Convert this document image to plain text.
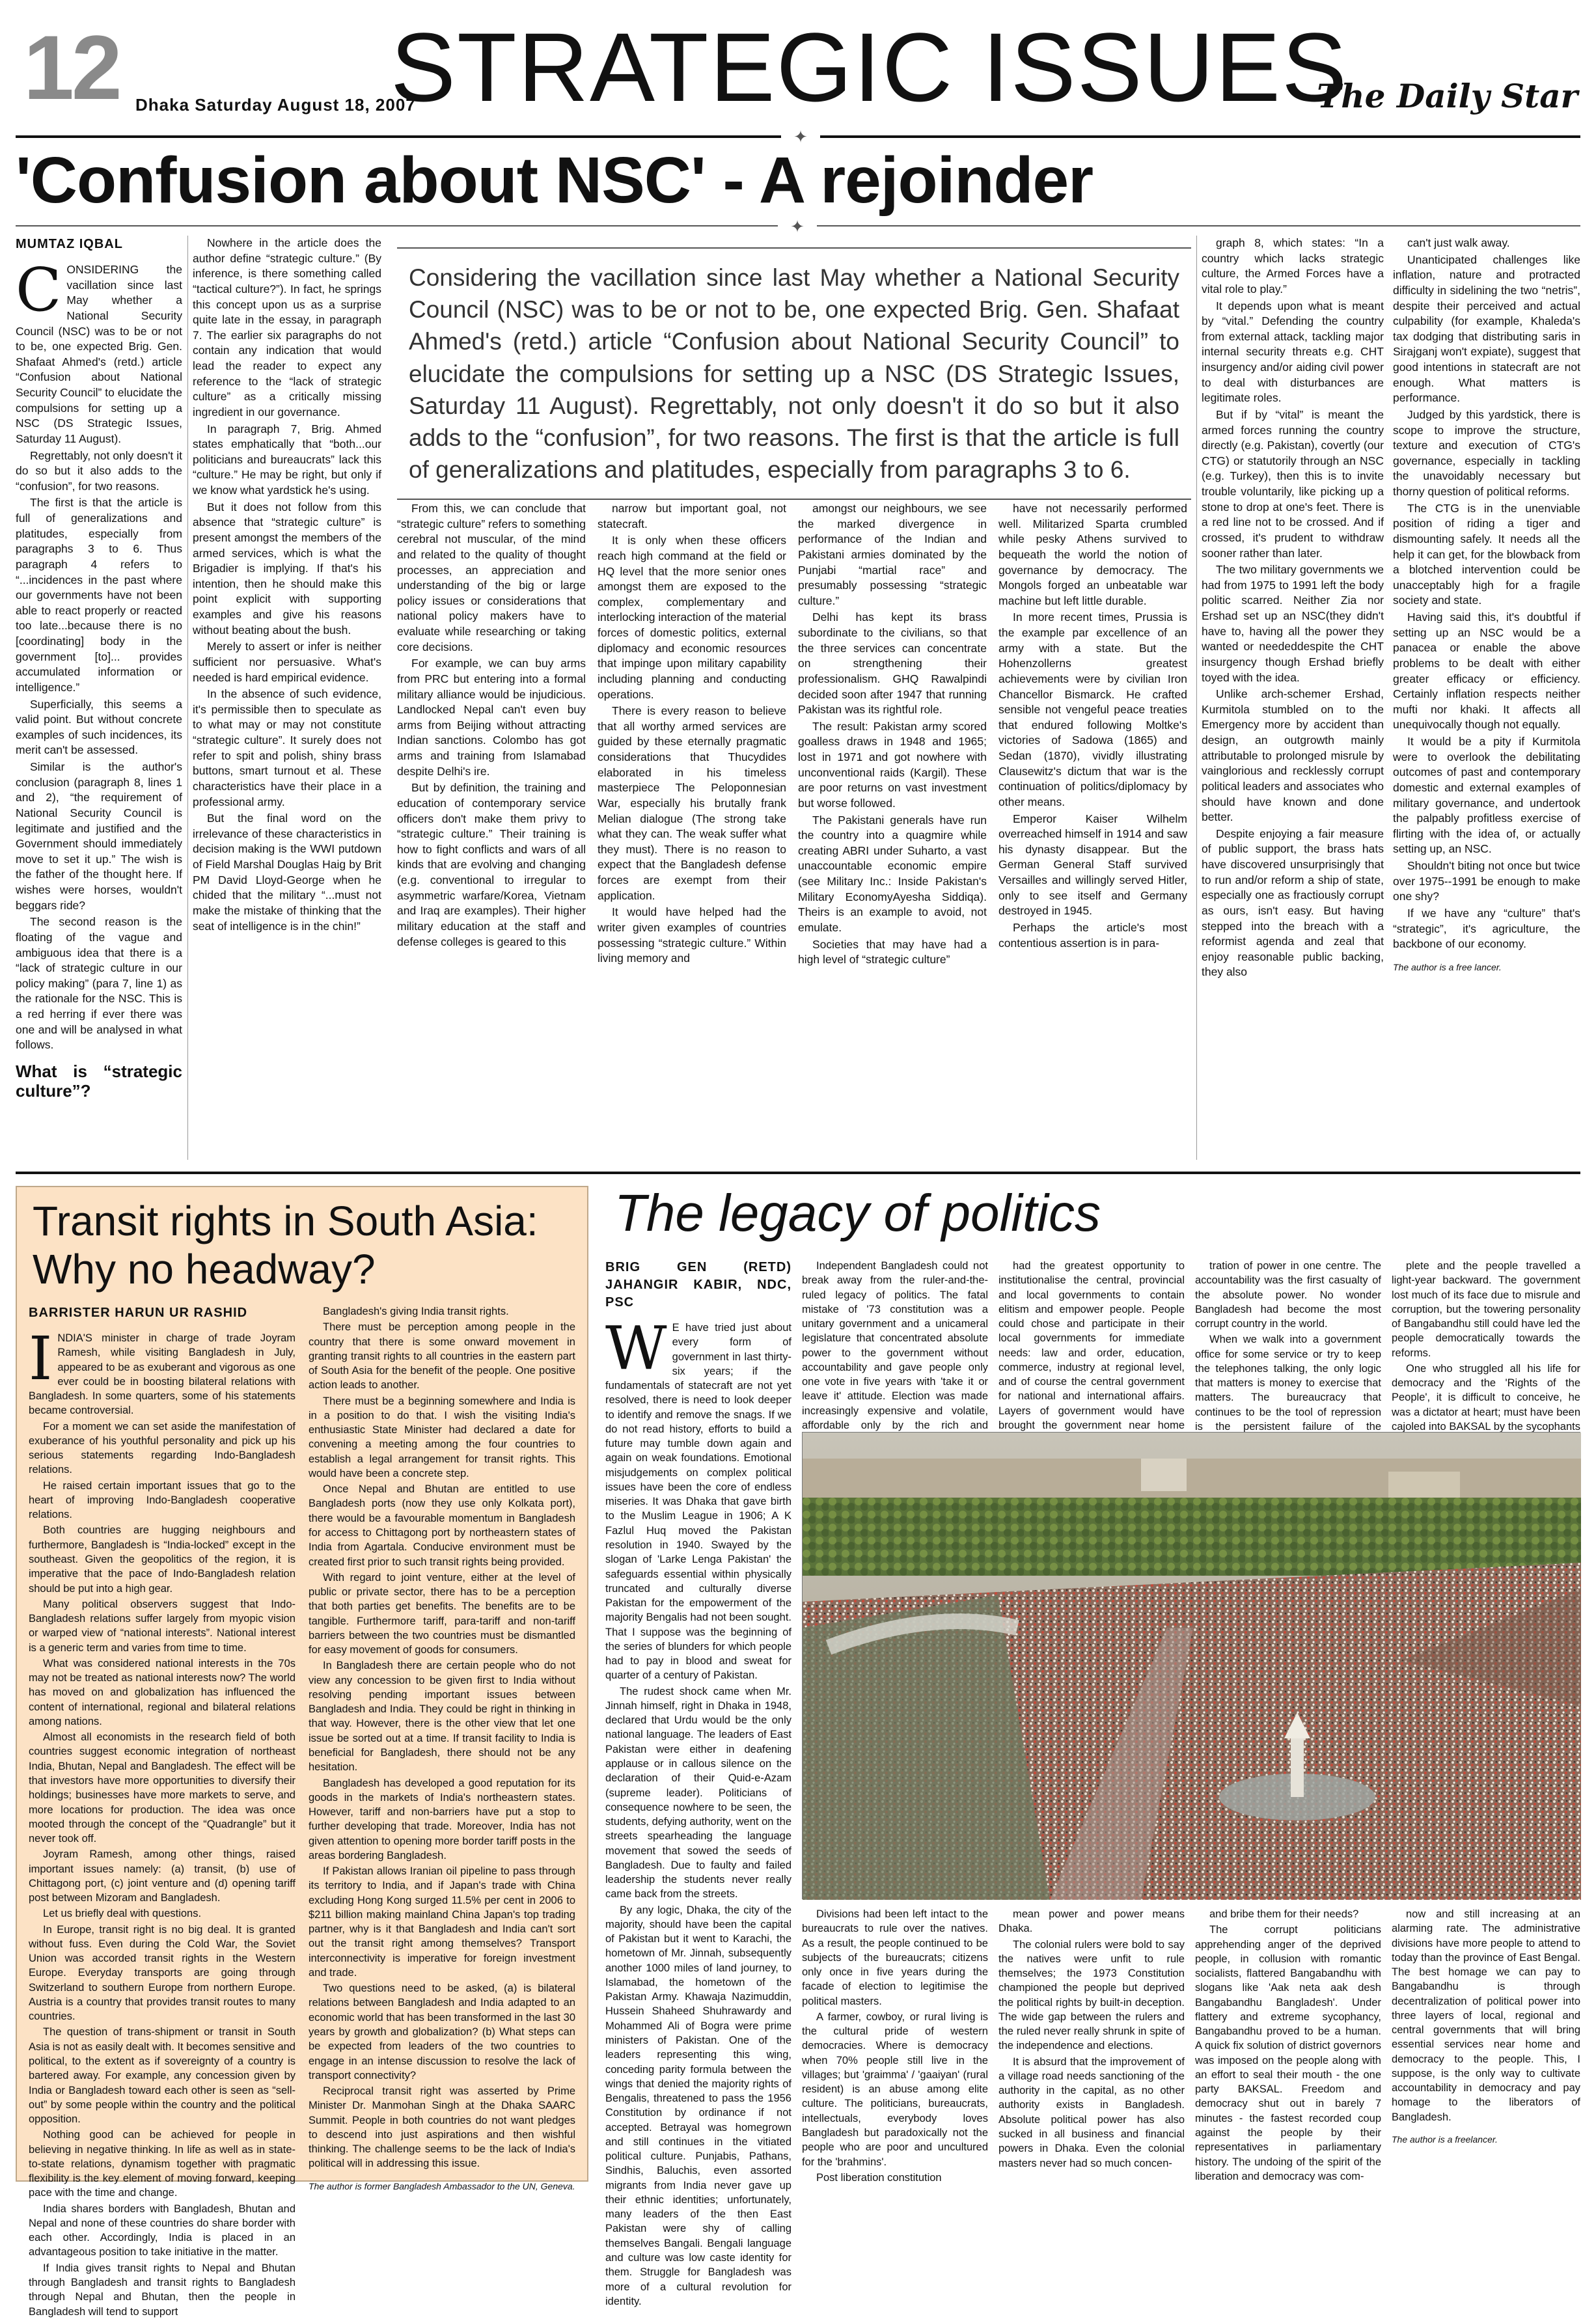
12 Dhaka Saturday August 18, 2007
STRATEGIC ISSUES
The Daily Star
✦
'Confusion about NSC' - A rejoinder
✦
MUMTAZ IQBAL
C ONSIDERING the vacillation since last May whether a National Security Council (NSC) was to be or not to be, one expected Brig. Gen. Shafaat Ahmed's (retd.) article “Confusion about National Security Council” to elucidate the compulsions for setting up a NSC (DS Strategic Issues, Saturday 11 August).

Regrettably, not only doesn't it do so but it also adds to the “confusion”, for two reasons.

The first is that the article is full of generalizations and platitudes, especially from paragraphs 3 to 6. Thus paragraph 4 refers to “...incidences in the past where our governments have not been able to react properly or reacted too late...because there is no [coordinating] body in the government [to]... provides accumulated information or intelligence.”

Superficially, this seems a valid point. But without concrete examples of such incidences, its merit can't be assessed.

Similar is the author's conclusion (paragraph 8, lines 1 and 2), “the requirement of National Security Council is legitimate and justified and the Government should immediately move to set it up.” The wish is the father of the thought here. If wishes were horses, wouldn't beggars ride?

The second reason is the floating of the vague and ambiguous idea that there is a “lack of strategic culture in our policy making” (para 7, line 1) as the rationale for the NSC. This is a red herring if ever there was one and will be analysed in what follows.

What is “strategic culture”?

Nowhere in the article does the author define “strategic culture.” (By inference, is there something called “tactical culture?”). In fact, he springs this concept upon us as a surprise quite late in the essay, in paragraph 7. The earlier six paragraphs do not contain any indication that would lead the reader to expect any reference to the “lack of strategic culture” as a critically missing ingredient in our governance.

In paragraph 7, Brig. Ahmed states emphatically that “both...our politicians and bureaucrats” lack this “culture.” He may be right, but only if we know what yardstick he's using.

But it does not follow from this absence that “strategic culture” is present amongst the members of the armed services, which is what the Brigadier is implying. If that's his intention, then he should make this point explicit with supporting examples and give his reasons without beating about the bush.

Merely to assert or infer is neither sufficient nor persuasive. What's needed is hard empirical evidence.

In the absence of such evidence, it's permissible then to speculate as to what may or may not constitute “strategic culture”. It surely does not refer to spit and polish, shiny brass buttons, smart turnout et al. These characteristics have their place in a professional army.

But the final word on the irrelevance of these characteristics in decision making is the WWI putdown of Field Marshal Douglas Haig by Brit PM David Lloyd-George when he chided that the military “...must not make the mistake of thinking that the seat of intelligence is in the chin!”

Considering the vacillation since last May whether a National Security Council (NSC) was to be or not to be, one expected Brig. Gen. Shafaat Ahmed's (retd.) article “Confusion about National Security Council” to elucidate the compulsions for setting up a NSC (DS Strategic Issues, Saturday 11 August). Regrettably, not only doesn't it do so but it also adds to the “confusion”, for two reasons. The first is that the article is full of generalizations and platitudes, especially from paragraphs 3 to 6.

From this, we can conclude that “strategic culture” refers to something cerebral not muscular, of the mind and related to the quality of thought processes, an appreciation and understanding of the big or large policy issues or considerations that national policy makers have to evaluate while researching or taking core decisions.

For example, we can buy arms from PRC but entering into a formal military alliance would be injudicious. Landlocked Nepal can't even buy arms from Beijing without attracting Indian sanctions. Colombo has got arms and training from Islamabad despite Delhi's ire.

But by definition, the training and education of contemporary service officers don't make them privy to “strategic culture.” Their training is how to fight conflicts and wars of all kinds that are evolving and changing (e.g. conventional to irregular to asymmetric warfare/Korea, Vietnam and Iraq are examples). Their higher military education at the staff and defense colleges is geared to this

narrow but important goal, not statecraft.

It is only when these officers reach high command at the field or HQ level that the more senior ones amongst them are exposed to the complex, complementary and interlocking interaction of the material forces of domestic politics, external diplomacy and economic resources that impinge upon military capability including planning and conducting operations.

There is every reason to believe that all worthy armed services are guided by these eternally pragmatic considerations that Thucydides elaborated in his timeless masterpiece The Peloponnesian War, especially his brutally frank Melian dialogue (The strong take what they can. The weak suffer what they must). There is no reason to expect that the Bangladesh defense forces are exempt from their application.

It would have helped had the writer given examples of countries possessing “strategic culture.” Within living memory and

amongst our neighbours, we see the marked divergence in performance of the Indian and Pakistani armies dominated by the Punjabi “martial race” and presumably possessing “strategic culture.”

Delhi has kept its brass subordinate to the civilians, so that the three services can concentrate on strengthening their professionalism. GHQ Rawalpindi decided soon after 1947 that running Pakistan was its rightful role.

The result: Pakistan army scored goalless draws in 1948 and 1965; lost in 1971 and got nowhere with unconventional raids (Kargil). These are poor returns on vast investment but worse followed.

The Pakistani generals have run the country into a quagmire while creating ABRI under Suharto, a vast unaccountable economic empire (see Military Inc.: Inside Pakistan's Military EconomyAyesha Siddiqa). Theirs is an example to avoid, not emulate.

Societies that may have had a high level of “strategic culture”

have not necessarily performed well. Militarized Sparta crumbled while pesky Athens survived to bequeath the world the notion of governance by democracy. The Mongols forged an unbeatable war machine but left little durable.

In more recent times, Prussia is the example par excellence of an army with a state. But the Hohenzollerns greatest achievements were by civilian Iron Chancellor Bismarck. He crafted sensible not vengeful peace treaties that endured following Moltke's victories of Sadowa (1865) and Sedan (1870), vividly illustrating Clausewitz's dictum that war is the continuation of politics/diplomacy by other means.

Emperor Kaiser Wilhelm overreached himself in 1914 and saw his dynasty disappear. But the German General Staff survived Versailles and willingly served Hitler, only to see itself and Germany destroyed in 1945.

Perhaps the article's most contentious assertion is in para-

graph 8, which states: “In a country which lacks strategic culture, the Armed Forces have a vital role to play.”

It depends upon what is meant by “vital.” Defending the country from external attack, tackling major internal security threats e.g. CHT insurgency and/or aiding civil power to deal with disturbances are legitimate roles.

But if by “vital” is meant the armed forces running the country directly (e.g. Pakistan), covertly (our CTG) or statutorily through an NSC (e.g. Turkey), then this is to invite trouble voluntarily, like picking up a stone to drop at one's feet. There is a red line not to be crossed. And if crossed, it's prudent to withdraw sooner rather than later.

The two military governments we had from 1975 to 1991 left the body politic scarred. Neither Zia nor Ershad set up an NSC(they didn't have to, having all the power they wanted or neededdespite the CHT insurgency though Ershad briefly toyed with the idea.

Unlike arch-schemer Ershad, Kurmitola stumbled on to the Emergency more by accident than design, an outgrowth mainly attributable to prolonged misrule by vainglorious and recklessly corrupt political leaders and associates who should have known and done better.

Despite enjoying a fair measure of public support, the brass hats have discovered unsurprisingly that to run and/or reform a ship of state, especially one as fractiously corrupt as ours, isn't easy. But having stepped into the breach with a reformist agenda and zeal that enjoy reasonable public backing, they also

can't just walk away.

Unanticipated challenges like inflation, nature and protracted difficulty in sidelining the two “netris”, despite their perceived and actual culpability (for example, Khaleda's tax dodging that distributing saris in Sirajganj won't expiate), suggest that good intentions in statecraft are not enough. What matters is performance.

Judged by this yardstick, there is scope to improve the structure, texture and execution of CTG's governance, especially in tackling the unavoidably necessary but thorny question of political reforms.

The CTG is in the unenviable position of riding a tiger and dismounting safely. It needs all the help it can get, for the blowback from a blotched intervention could be unacceptably high for a fragile society and state.

Having said this, it's doubtful if setting up an NSC would be a panacea or enable the above problems to be dealt with either greater efficacy or efficiency. Certainly inflation respects neither mufti nor khaki. It affects all unequivocally though not equally.

It would be a pity if Kurmitola were to overlook the debilitating outcomes of past and contemporary domestic and external examples of military governance, and undertook the palpably profitless exercise of flirting with the idea of, or actually setting up, an NSC.

Shouldn't biting not once but twice over 1975--1991 be enough to make one shy?

If we have any “culture” that's “strategic”, it's agriculture, the backbone of our economy.

The author is a free lancer.
Transit rights in South Asia: Why no headway?
BARRISTER HARUN UR RASHID
I NDIA'S minister in charge of trade Joyram Ramesh, while visiting Bangladesh in July, appeared to be as exuberant and vigorous as one ever could be in boosting bilateral relations with Bangladesh. In some quarters, some of his statements became controversial.

For a moment we can set aside the manifestation of exuberance of his youthful personality and pick up his serious statements regarding Indo-Bangladesh relations.

He raised certain important issues that go to the heart of improving Indo-Bangladesh cooperative relations.

Both countries are hugging neighbours and furthermore, Bangladesh is “India-locked” except in the southeast. Given the geopolitics of the region, it is imperative that the pace of Indo-Bangladesh relation should be put into a high gear.

Many political observers suggest that Indo-Bangladesh relations suffer largely from myopic vision or warped view of “national interests”. National interest is a generic term and varies from time to time.

What was considered national interests in the 70s may not be treated as national interests now? The world has moved on and globalization has influenced the content of international, regional and bilateral relations among nations.

Almost all economists in the research field of both countries suggest economic integration of northeast India, Bhutan, Nepal and Bangladesh. The effect will be that investors have more opportunities to diversify their holdings; businesses have more markets to serve, and more locations for production. The idea was once mooted through the concept of the “Quadrangle” but it never took off.

Joyram Ramesh, among other things, raised important issues namely: (a) transit, (b) use of Chittagong port, (c) joint venture and (d) opening tariff post between Mizoram and Bangladesh.

Let us briefly deal with questions.

In Europe, transit right is no big deal. It is granted without fuss. Even during the Cold War, the Soviet Union was accorded transit rights in the Western Europe. Everyday transports are going through Switzerland to southern Europe from northern Europe. Austria is a country that provides transit routes to many countries.

The question of trans-shipment or transit in South Asia is not as easily dealt with. It becomes sensitive and political, to the extent as if sovereignty of a country is bartered away. For example, any concession given by India or Bangladesh toward each other is seen as “sell-out” by some people within the country and the political opposition.

Nothing good can be achieved for people in believing in negative thinking. In life as well as in state-to-state relations, dynamism together with pragmatic flexibility is the key element of moving forward, keeping pace with the time and change.

India shares borders with Bangladesh, Bhutan and Nepal and none of these countries do share border with each other. Accordingly, India is placed in an advantageous position to take initiative in the matter.

If India gives transit rights to Nepal and Bhutan through Bangladesh and transit rights to Bangladesh through Nepal and Bhutan, then the people in Bangladesh will tend to support

Bangladesh's giving India transit rights.

There must be perception among people in the country that there is some onward movement in granting transit rights to all countries in the eastern part of South Asia for the benefit of the people. One positive action leads to another.

There must be a beginning somewhere and India is in a position to do that. I wish the visiting India's enthusiastic State Minister had declared a date for convening a meeting among the four countries to establish a legal arrangement for transit rights. This would have been a concrete step.

Once Nepal and Bhutan are entitled to use Bangladesh ports (now they use only Kolkata port), there would be a favourable momentum in Bangladesh for access to Chittagong port by northeastern states of India from Agartala. Conducive environment must be created first prior to such transit rights being provided.

With regard to joint venture, either at the level of public or private sector, there has to be a perception that both parties get benefits. The benefits are to be tangible. Furthermore tariff, para-tariff and non-tariff barriers between the two countries must be dismantled for easy movement of goods for consumers.

In Bangladesh there are certain people who do not view any concession to be given first to India without resolving pending important issues between Bangladesh and India. They could be right in thinking in that way. However, there is the other view that let one issue be sorted out at a time. If transit facility to India is beneficial for Bangladesh, there should not be any hesitation.

Bangladesh has developed a good reputation for its goods in the markets of India's northeastern states. However, tariff and non-barriers have put a stop to further developing that trade. Moreover, India has not given attention to opening more border tariff posts in the areas bordering Bangladesh.

If Pakistan allows Iranian oil pipeline to pass through its territory to India, and if Japan's trade with China excluding Hong Kong surged 11.5% per cent in 2006 to $211 billion making mainland China Japan's top trading partner, why is it that Bangladesh and India can't sort out the transit right among themselves? Transport interconnectivity is imperative for foreign investment and trade.

Two questions need to be asked, (a) is bilateral relations between Bangladesh and India adapted to an economic world that has been transformed in the last 30 years by growth and globalization? (b) What steps can be expected from leaders of the two countries to engage in an intense discussion to resolve the lack of transport connectivity?

Reciprocal transit right was asserted by Prime Minister Dr. Manmohan Singh at the Dhaka SAARC Summit. People in both countries do not want pledges to descend into just aspirations and then wishful thinking. The challenge seems to be the lack of India's political will in addressing this issue.

The author is former Bangladesh Ambassador to the UN, Geneva.
The legacy of politics
BRIG GEN (RETD) JAHANGIR KABIR, NDC, PSC
W E have tried just about every form of government in last thirty-six years; if the fundamentals of statecraft are not yet resolved, there is need to look deeper to identify and remove the snags. If we do not read history, efforts to build a future may tumble down again and again on weak foundations. Emotional misjudgements on complex political issues have been the core of endless miseries. It was Dhaka that gave birth to the Muslim League in 1906; A K Fazlul Huq moved the Pakistan resolution in 1940. Swayed by the slogan of 'Larke Lenga Pakistan' the safeguards essential within physically truncated and culturally diverse Pakistan for the empowerment of the majority Bengalis had not been sought. That I suppose was the beginning of the series of blunders for which people had to pay in blood and sweat for quarter of a century of Pakistan.

The rudest shock came when Mr. Jinnah himself, right in Dhaka in 1948, declared that Urdu would be the only national language. The leaders of East Pakistan were either in deafening applause or in callous silence on the declaration of their Quid-e-Azam (supreme leader). Politicians of consequence nowhere to be seen, the students, defying authority, went on the streets spearheading the language movement that sowed the seeds of Bangladesh. Due to faulty and failed leadership the students never really came back from the streets.

By any logic, Dhaka, the city of the majority, should have been the capital of Pakistan but it went to Karachi, the hometown of Mr. Jinnah, subsequently another 1000 miles of land journey, to Islamabad, the hometown of the Pakistan Army. Khawaja Nazimuddin, Hussein Shaheed Shuhrawardy and Mohammed Ali of Bogra were prime ministers of Pakistan. One of the leaders representing this wing, conceding parity formula between the wings that denied the majority rights of Bengalis, threatened to pass the 1956 Constitution by ordinance if not accepted. Betrayal was homegrown and still continues in the vitiated political culture. Punjabis, Pathans, Sindhis, Baluchis, even assorted migrants from India never gave up their ethnic identities; unfortunately, many leaders of the then East Pakistan were shy of calling themselves Bangali. Bengali language and culture was low caste identity for them. Struggle for Bangladesh was more of a cultural revolution for identity.

Independent Bangladesh could not break away from the ruler-and-the-ruled legacy of politics. The fatal mistake of '73 constitution was a unitary government and a unicameral legislature that concentrated absolute power to the government without accountability and gave people only one vote in five years with 'take it or leave it' attitude. Election was made increasingly expensive and volatile, affordable only by the rich and

had the greatest opportunity to institutionalise the central, provincial and local governments to contain elitism and empower people. People could chose and participate in their local governments for immediate needs: law and order, education, commerce, industry at regional level, and of course the central government for national and international affairs. Layers of government would have brought the government near home

tration of power in one centre. The accountability was the first casualty of the absolute power. No wonder Bangladesh had become the most corrupt country in the world.

When we walk into a government office for some service or try to keep the telephones talking, the only logic that matters is money to exercise that matters. The bureaucracy that continues to be the tool of repression is the persistent failure of the

plete and the people travelled a light-year backward. The government lost much of its face due to misrule and corruption, but the towering personality of Bangabandhu still could have led the people democratically towards the reforms.

One who struggled all his life for democracy and the 'Rights of the People', it is difficult to conceive, he was a dictator at heart; must have been cajoled into BAKSAL by the sycophants

Divisions had been left intact to the bureaucrats to rule over the natives. As a result, the people continued to be subjects of the bureaucrats; citizens only once in five years during the facade of election to legitimise the political masters.

A farmer, cowboy, or rural living is the cultural pride of western democracies. Where is democracy when 70% people still live in the villages; but 'graimma' / 'gaaiyan' (rural resident) is an abuse among elite culture. The politicians, bureaucrats, intellectuals, everybody loves Bangladesh but paradoxically not the people who are poor and uncultured for the 'brahmins'.

Post liberation constitution

mean power and power means Dhaka.

The colonial rulers were bold to say the natives were unfit to rule themselves; the 1973 Constitution championed the people but deprived the political rights by built-in deception. The wide gap between the rulers and the ruled never really shrunk in spite of the independence and elections.

It is absurd that the improvement of a village road needs sanctioning of the authority in the capital, as no other authority exists in Bangladesh. Absolute political power has also sucked in all business and financial powers in Dhaka. Even the colonial masters never had so much concen-

and bribe them for their needs?

The corrupt politicians apprehending anger of the deprived people, in collusion with romantic socialists, flattered Bangabandhu with slogans like 'Aak neta aak desh Bangabandhu Bangladesh'. Under flattery and extreme sycophancy, Bangabandhu proved to be a human. A quick fix solution of district governors was imposed on the people along with an effort to seal their mouth - the one party BAKSAL. Freedom and democracy shut out in barely 7 minutes - the fastest recorded coup against the people by their representatives in parliamentary history. The undoing of the spirit of the liberation and democracy was com-

now and still increasing at an alarming rate. The administrative divisions have more people to attend to today than the province of East Bengal. The best homage we can pay to Bangabandhu is through decentralization of political power into three layers of local, regional and central governments that will bring essential services near home and democracy to the people. This, I suppose, is the only way to cultivate accountability in democracy and pay homage to the liberators of Bangladesh.

The author is a freelancer.
